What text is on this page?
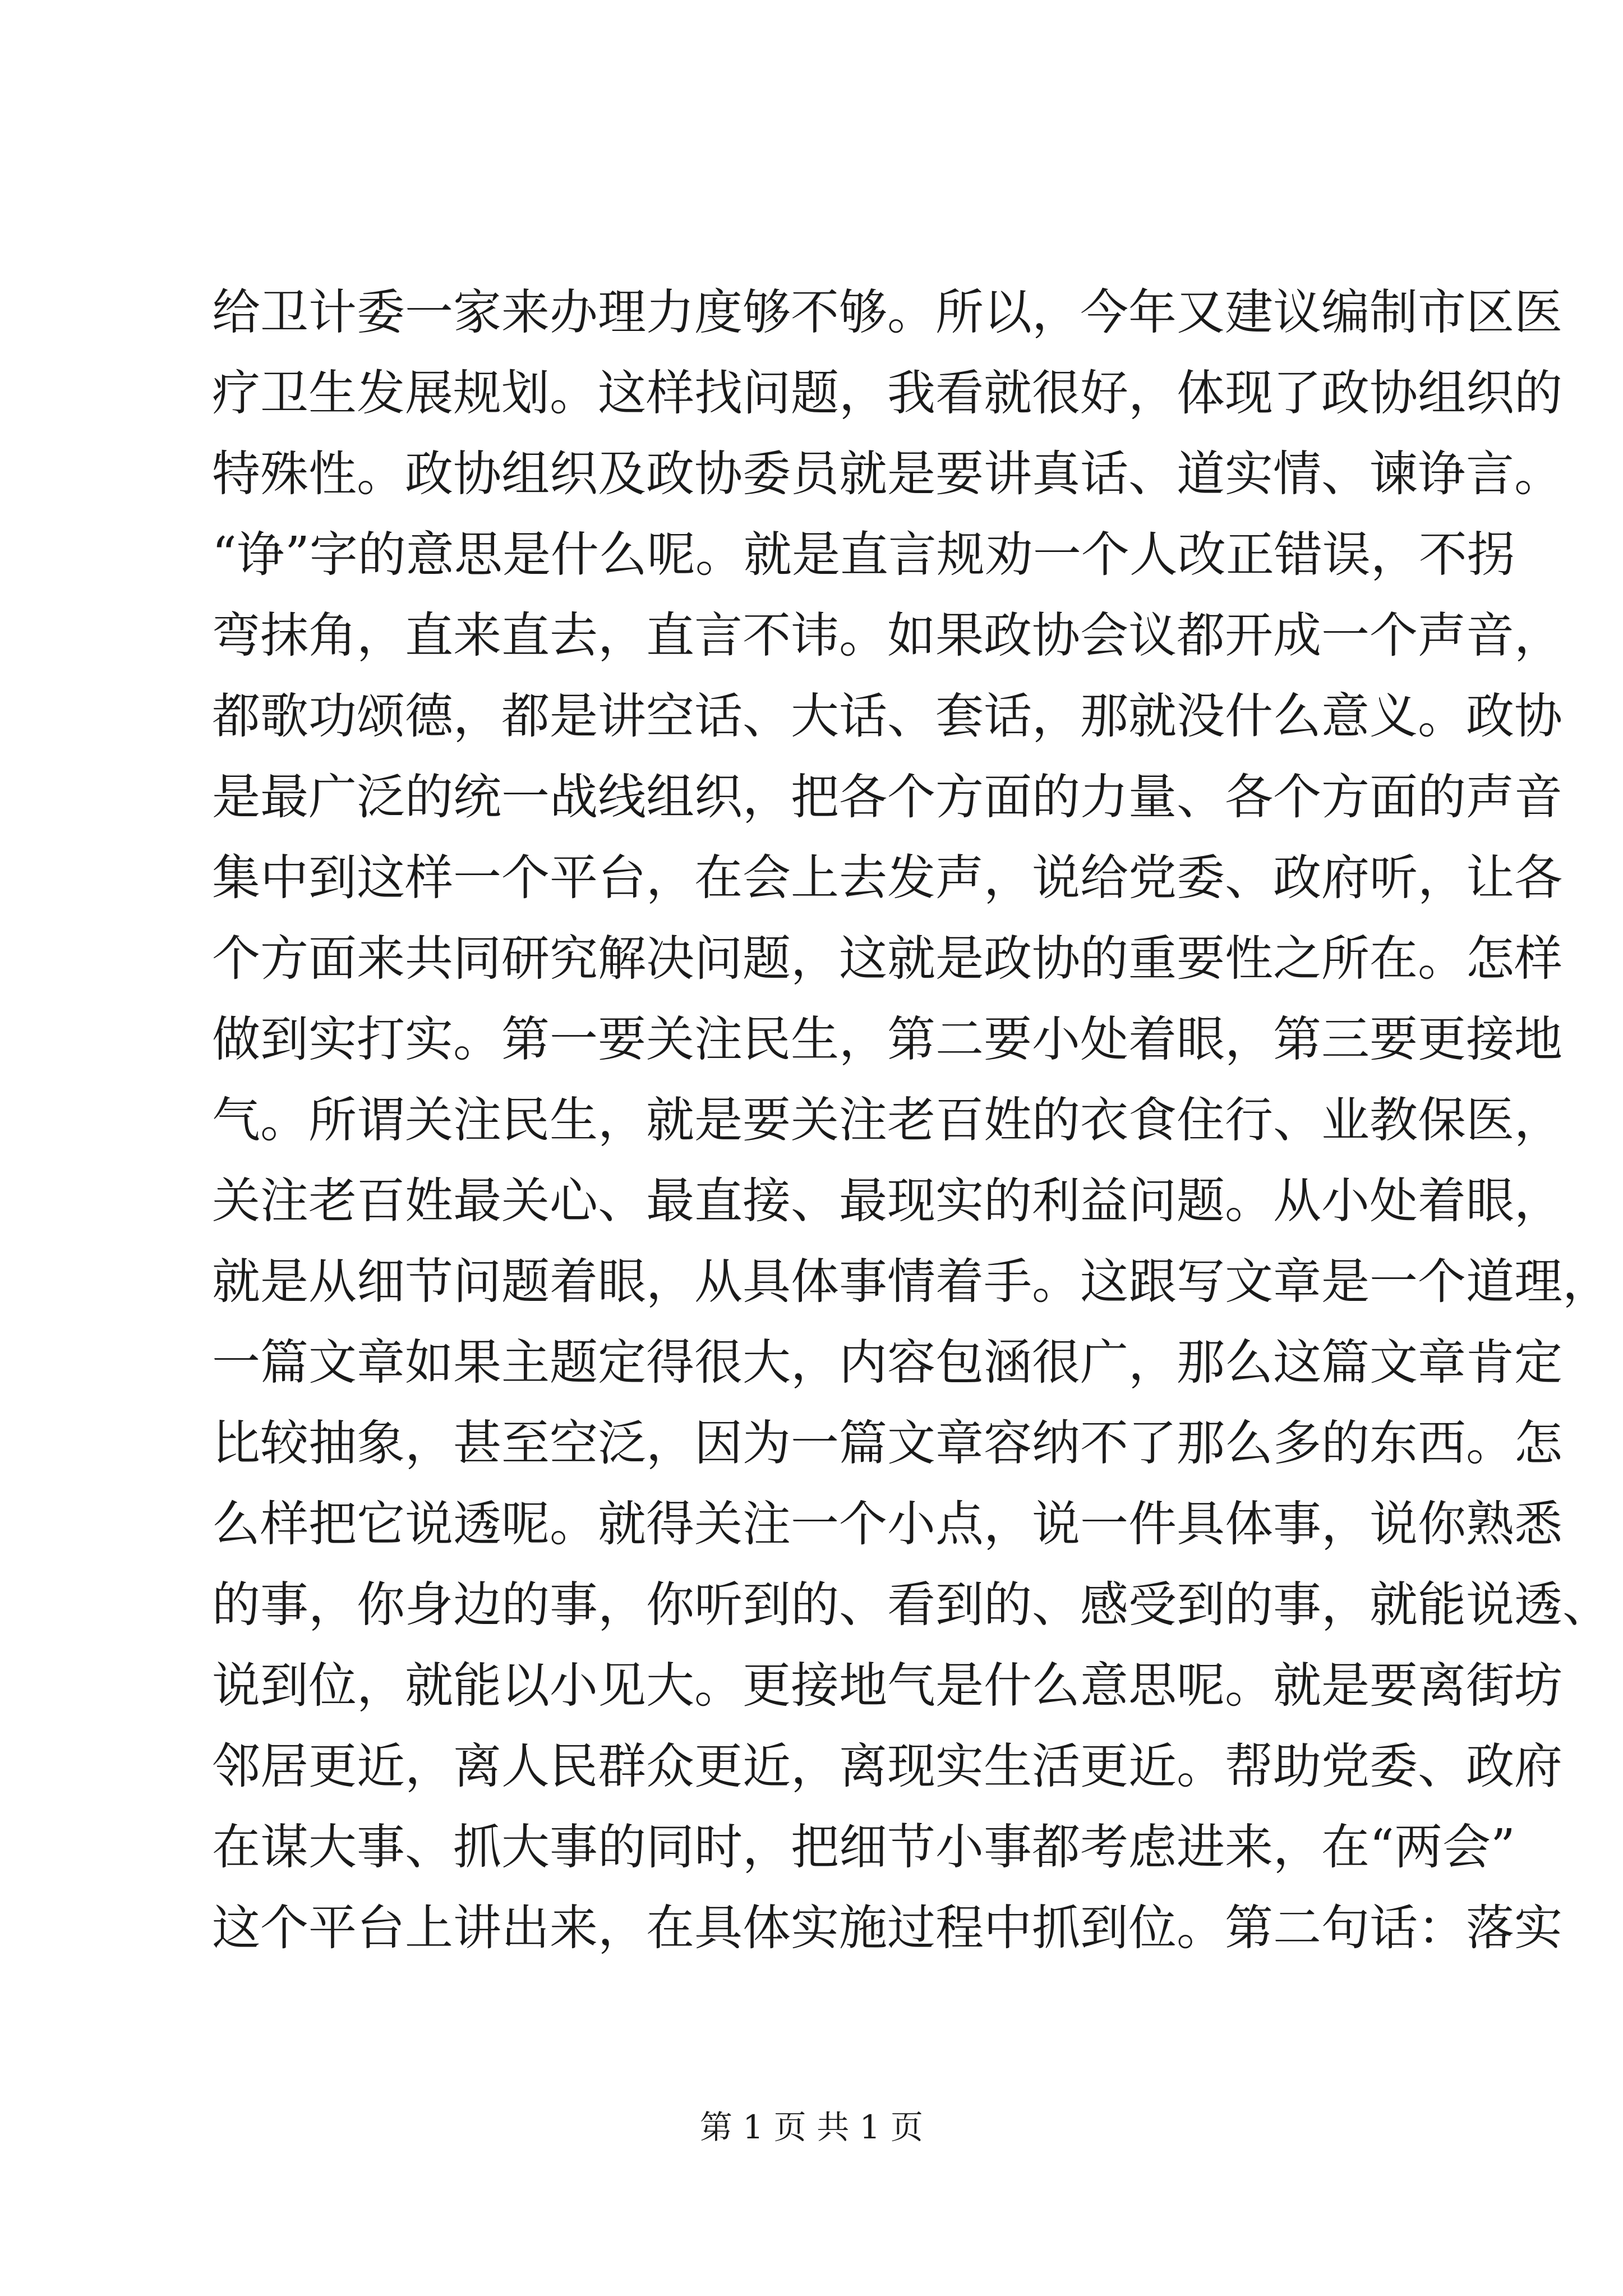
给卫计委一家来办理力度够不够。所以，今年又建议编制市区医
疗卫生发展规划。这样找问题，我看就很好，体现了政协组织的
特殊性。政协组织及政协委员就是要讲真话、道实情、谏诤言。
“诤”字的意思是什么呢。就是直言规劝一个人改正错误，不拐
弯抹角，直来直去，直言不讳。如果政协会议都开成一个声音，
都歌功颂德，都是讲空话、大话、套话，那就没什么意义。政协
是最广泛的统一战线组织，把各个方面的力量、各个方面的声音
集中到这样一个平台，在会上去发声，说给党委、政府听，让各
个方面来共同研究解决问题，这就是政协的重要性之所在。怎样
做到实打实。第一要关注民生，第二要小处着眼，第三要更接地
气。所谓关注民生，就是要关注老百姓的衣食住行、业教保医，
关注老百姓最关心、最直接、最现实的利益问题。从小处着眼，
就是从细节问题着眼，从具体事情着手。这跟写文章是一个道理，
一篇文章如果主题定得很大，内容包涵很广，那么这篇文章肯定
比较抽象，甚至空泛，因为一篇文章容纳不了那么多的东西。怎
么样把它说透呢。就得关注一个小点，说一件具体事，说你熟悉
的事，你身边的事，你听到的、看到的、感受到的事，就能说透、
说到位，就能以小见大。更接地气是什么意思呢。就是要离街坊
邻居更近，离人民群众更近，离现实生活更近。帮助党委、政府
在谋大事、抓大事的同时，把细节小事都考虑进来，在“两会”
这个平台上讲出来，在具体实施过程中抓到位。第二句话：落实
第 1 页 共 1 页
